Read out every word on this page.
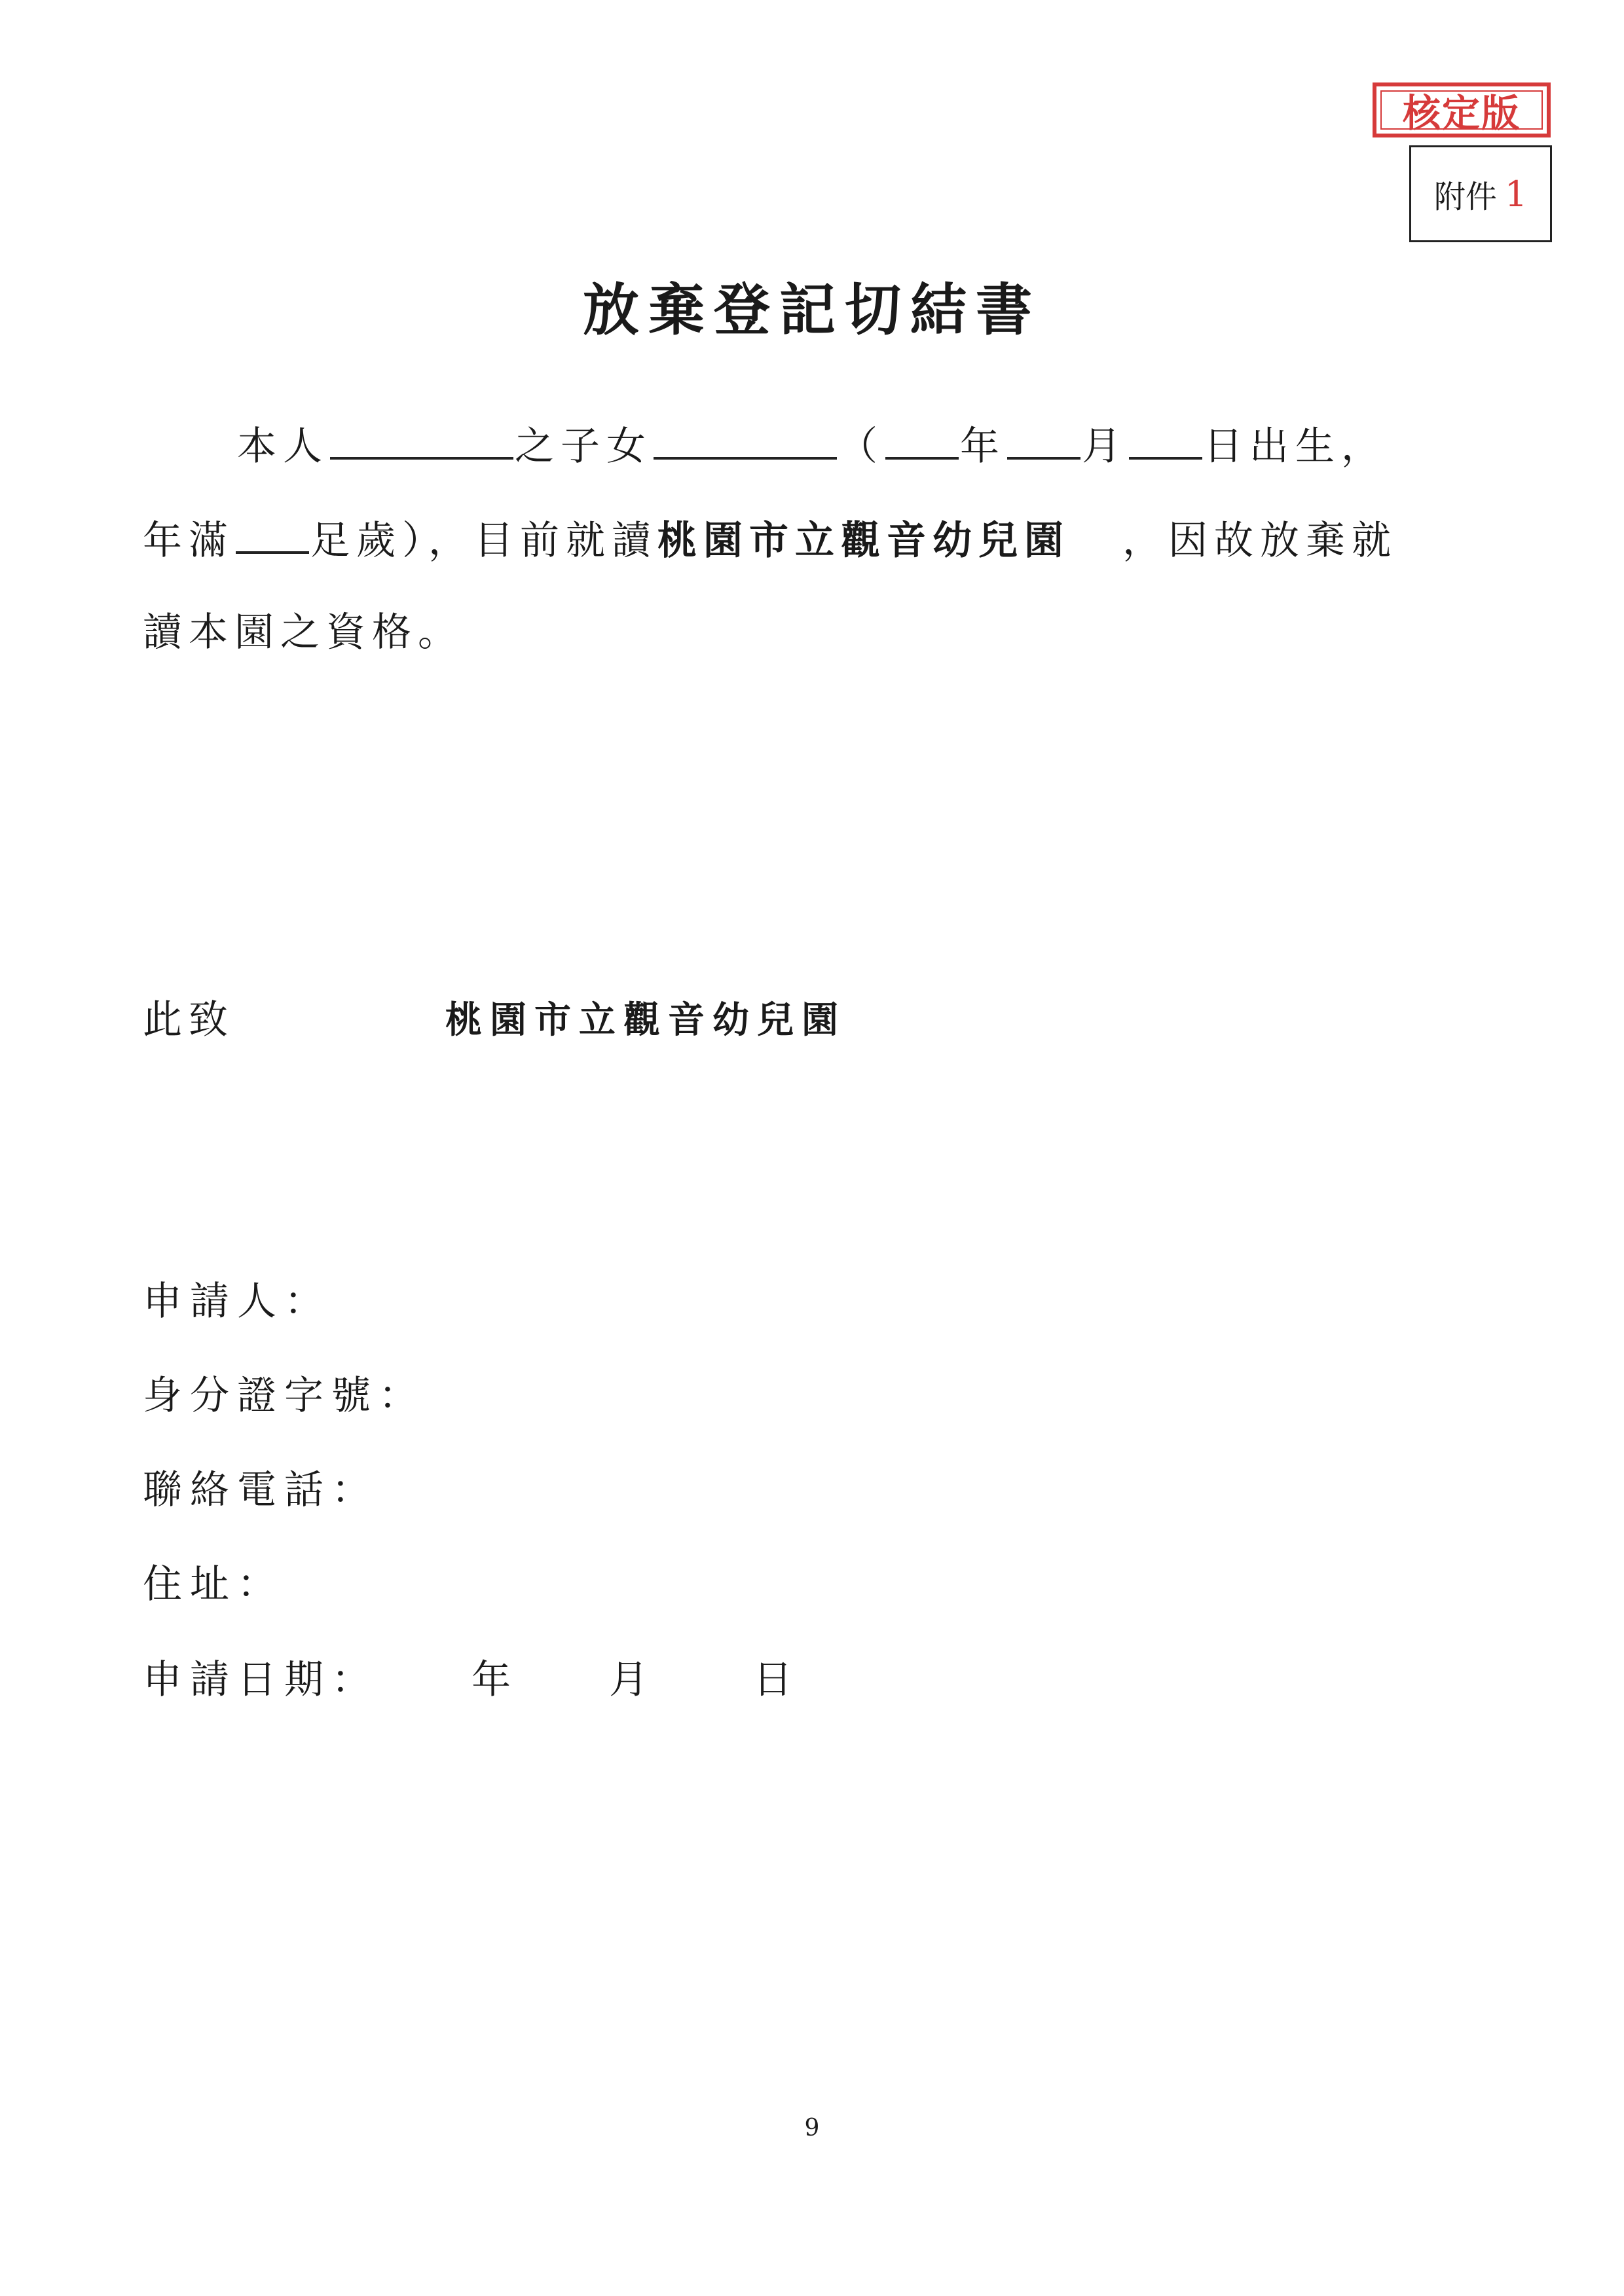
核定版
附件 1
放棄登記切結書
本人	之子女	（ 年 月 日出生，
年滿 足歲），目前就讀桃園市立觀音幼兒園 ，因故放棄就
讀本園之資格。
此致	桃園市立觀音幼兒園
申請人：
身分證字號：
聯絡電話：
住址：
申請日期： 年	月	日
9
